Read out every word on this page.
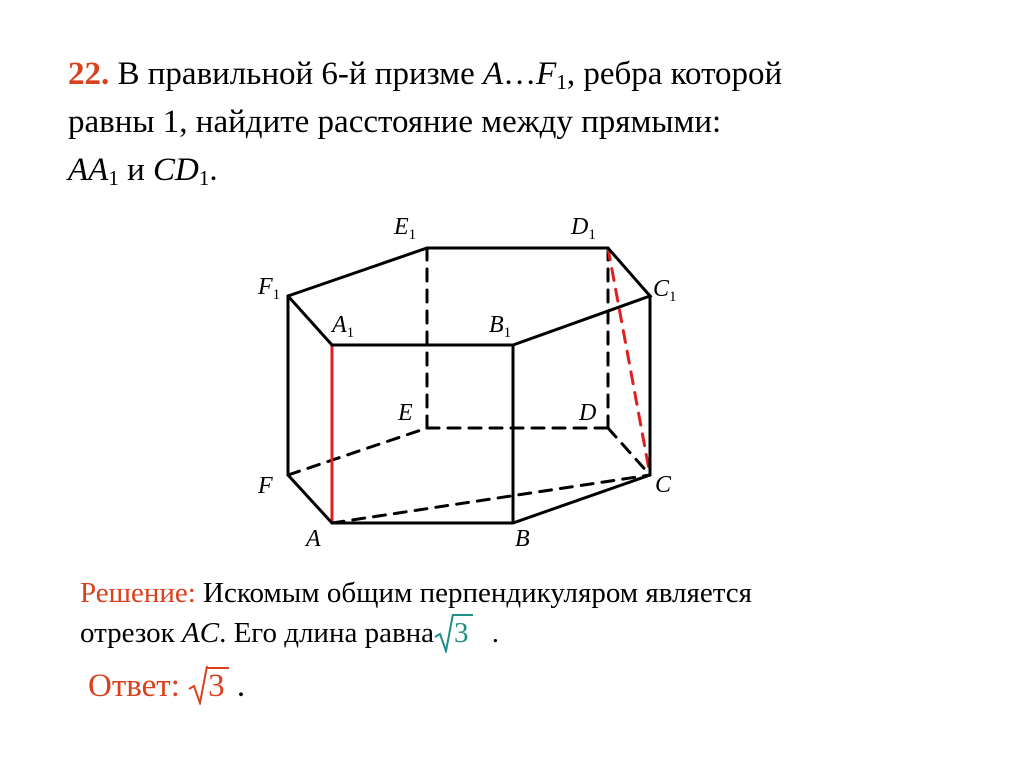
22. В правильной 6-й призме $A\dots F_1$, ребра которой
равны 1, найдите расстояние между прямыми:
$AA_1$ и $CD_1$.
A	B
C
D
E
F
$A_1$	$B_1$
$C_1$
$D_1$
$E_1$
$F_1$
Решение: Искомым общим перпендикуляром является
отрезок AC. Его длина равна 3 .
Ответ: 3 .
